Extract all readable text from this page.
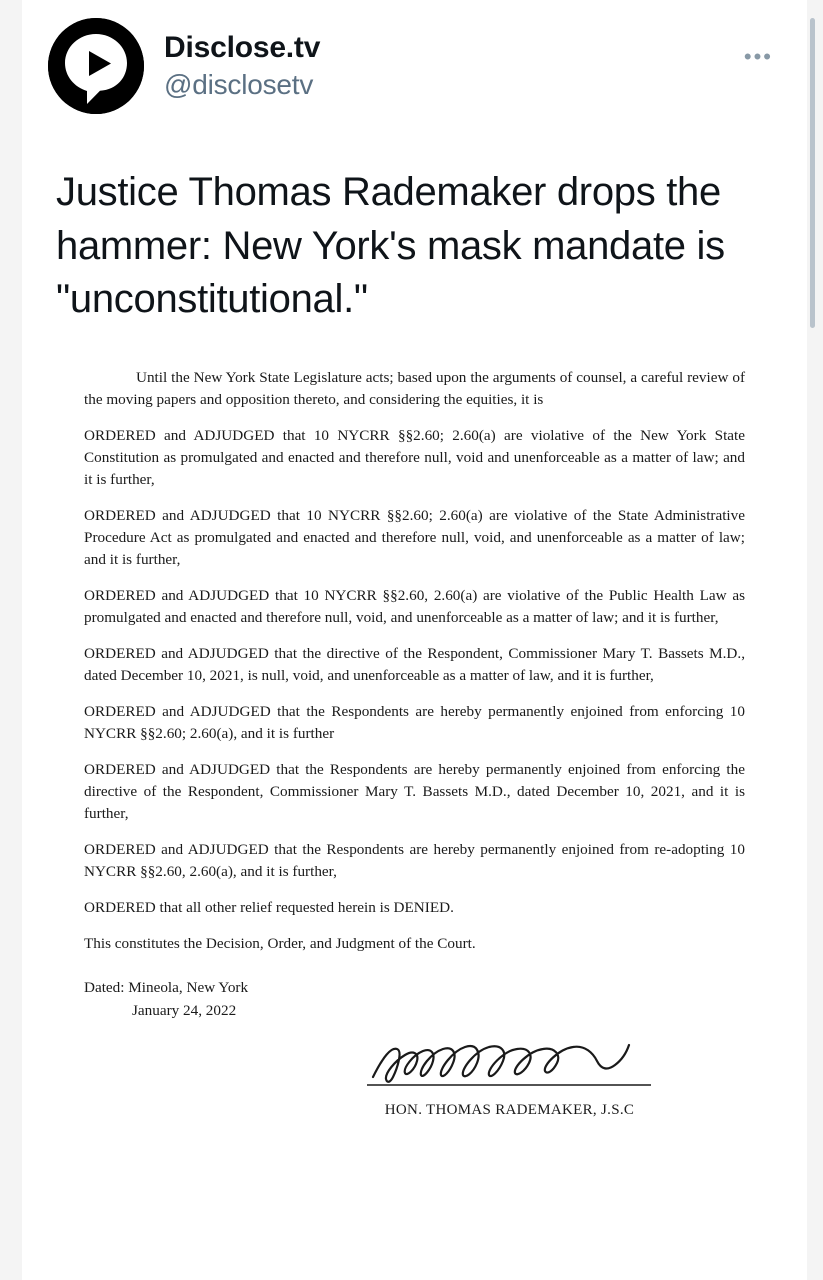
Disclose.tv
@disclosetv
•••
Justice Thomas Rademaker drops the hammer: New York's mask mandate is "unconstitutional."

Until the New York State Legislature acts; based upon the arguments of counsel, a careful review of the moving papers and opposition thereto, and considering the equities, it is

ORDERED and ADJUDGED that 10 NYCRR §§2.60; 2.60(a) are violative of the New York State Constitution as promulgated and enacted and therefore null, void and unenforceable as a matter of law; and it is further,

ORDERED and ADJUDGED that 10 NYCRR §§2.60; 2.60(a) are violative of the State Administrative Procedure Act as promulgated and enacted and therefore null, void, and unenforceable as a matter of law; and it is further,

ORDERED and ADJUDGED that 10 NYCRR §§2.60, 2.60(a) are violative of the Public Health Law as promulgated and enacted and therefore null, void, and unenforceable as a matter of law; and it is further,

ORDERED and ADJUDGED that the directive of the Respondent, Commissioner Mary T. Bassets M.D., dated December 10, 2021, is null, void, and unenforceable as a matter of law, and it is further,

ORDERED and ADJUDGED that the Respondents are hereby permanently enjoined from enforcing 10 NYCRR §§2.60; 2.60(a), and it is further

ORDERED and ADJUDGED that the Respondents are hereby permanently enjoined from enforcing the directive of the Respondent, Commissioner Mary T. Bassets M.D., dated December 10, 2021, and it is further,

ORDERED and ADJUDGED that the Respondents are hereby permanently enjoined from re-adopting 10 NYCRR §§2.60, 2.60(a), and it is further,

ORDERED that all other relief requested herein is DENIED.

This constitutes the Decision, Order, and Judgment of the Court.

Dated: Mineola, New York
January 24, 2022
HON. THOMAS RADEMAKER, J.S.C
